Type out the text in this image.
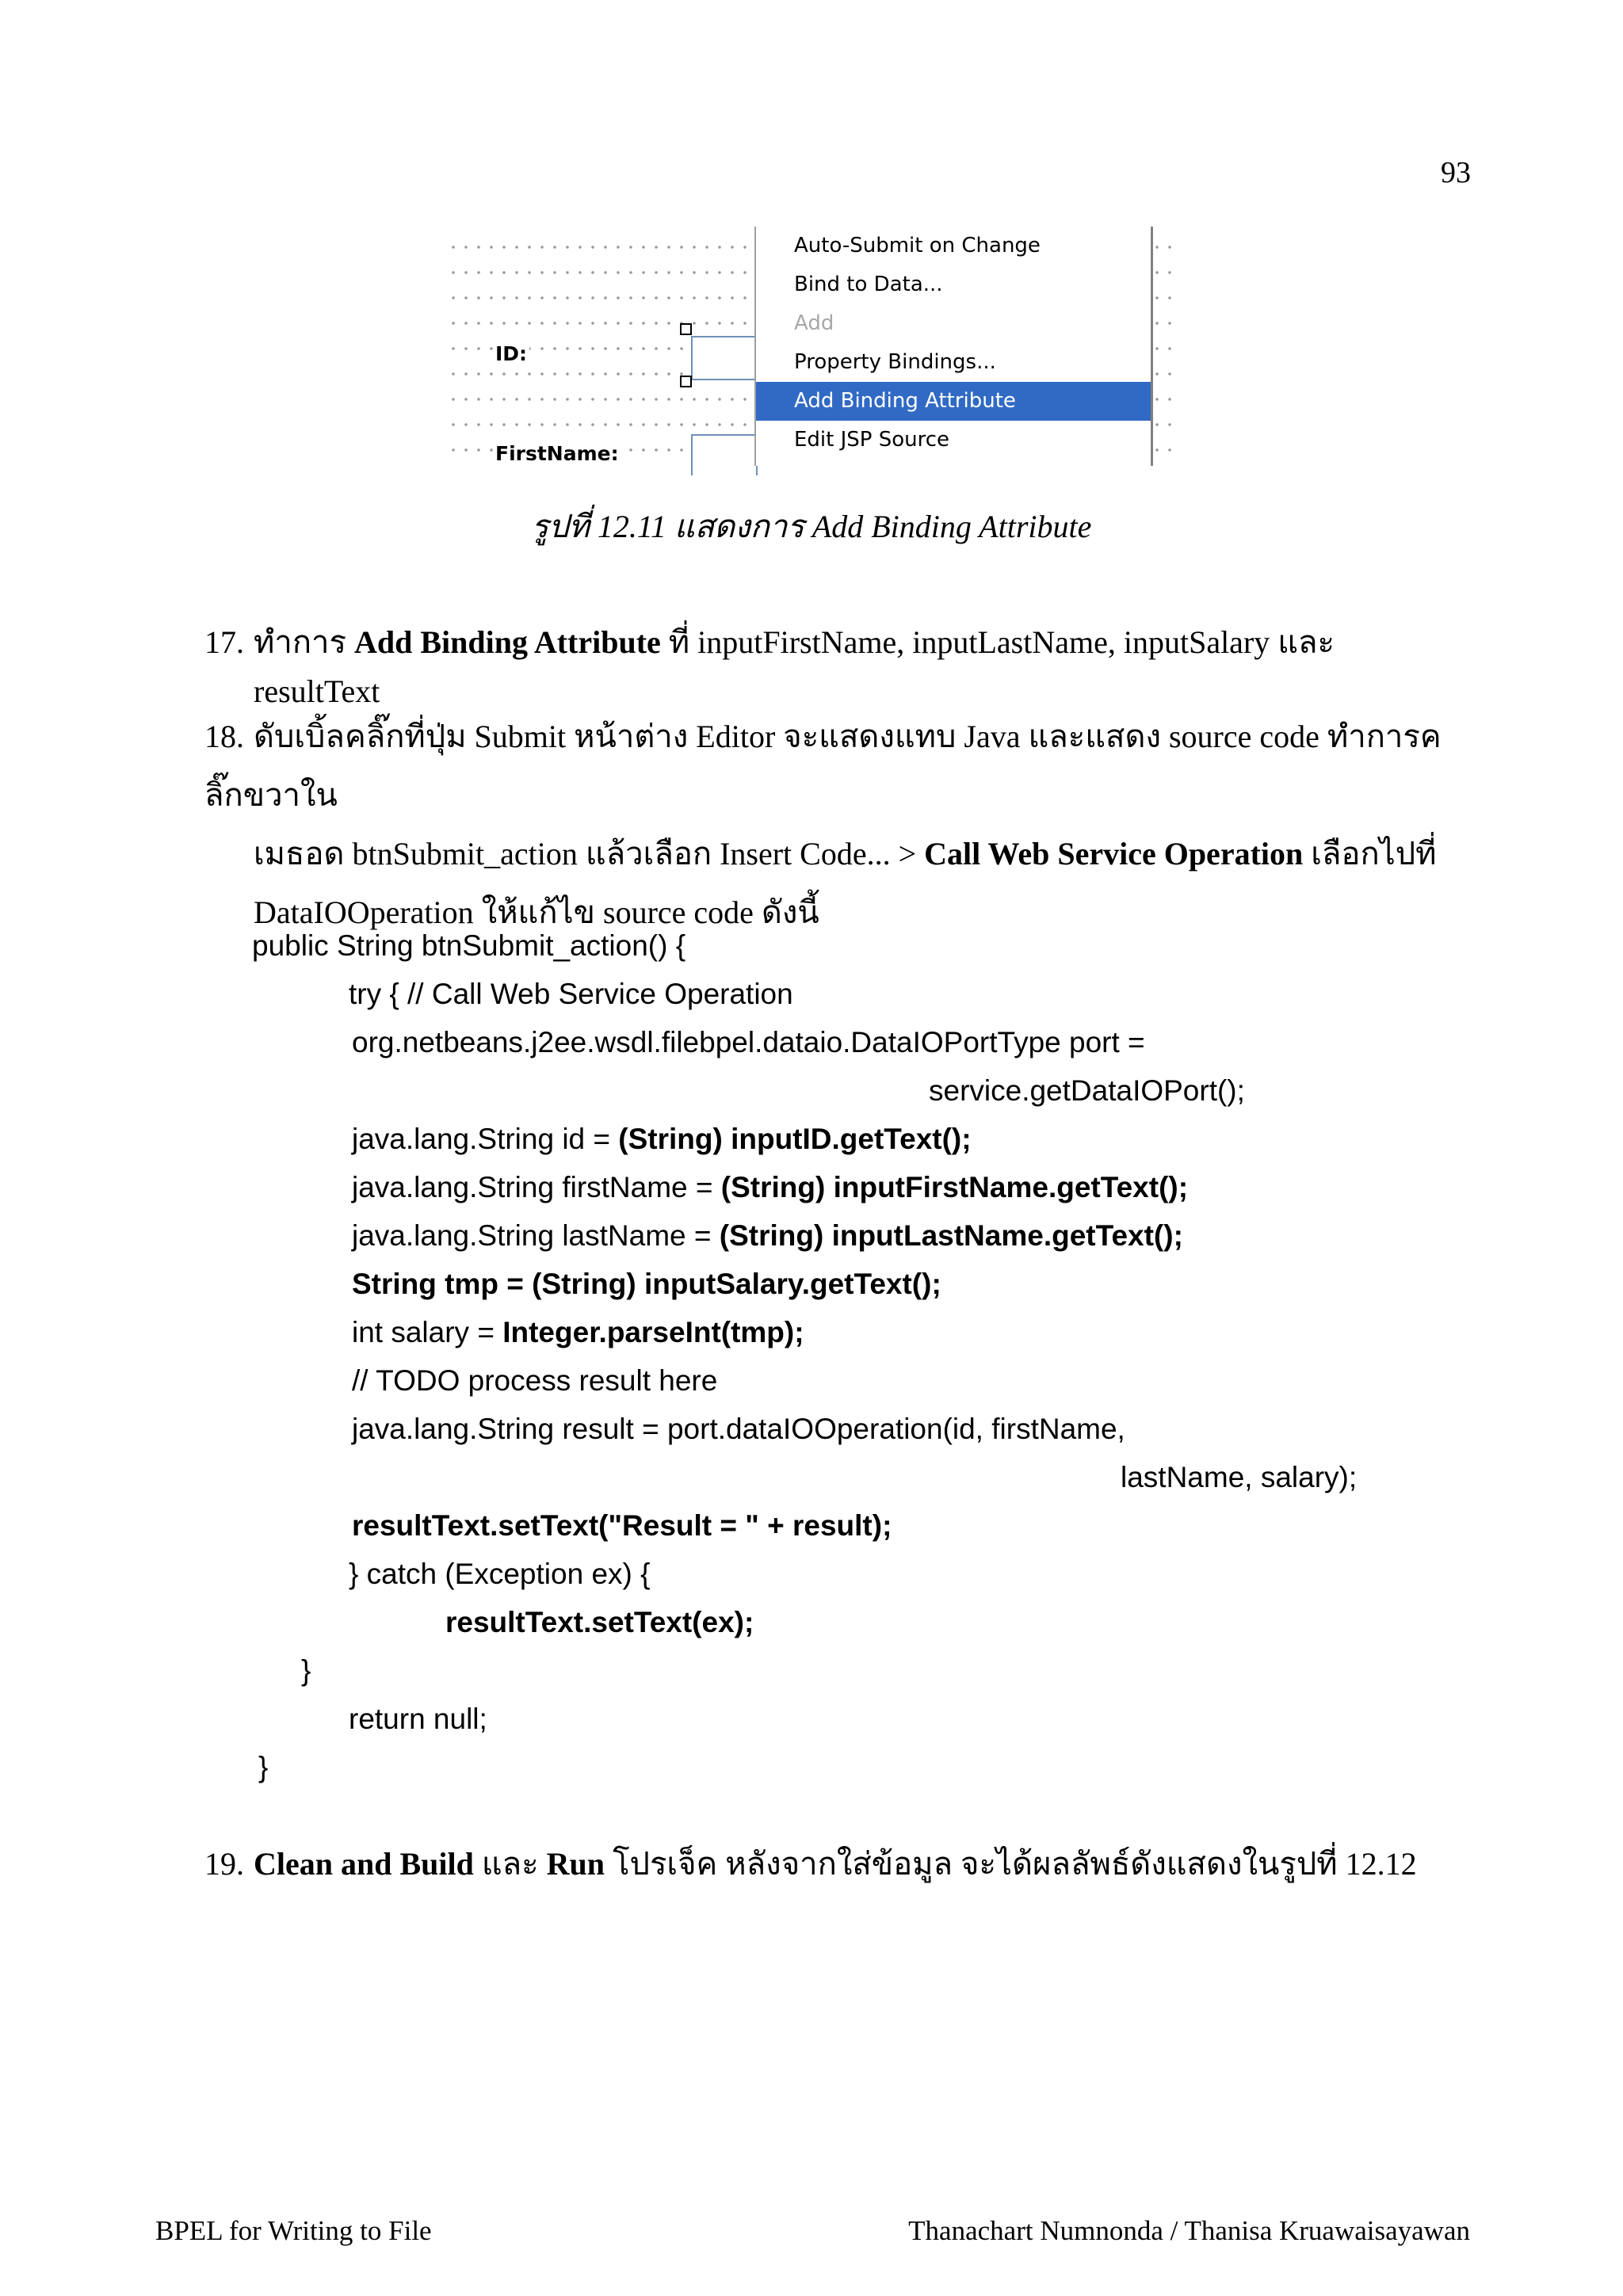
93
ID:
FirstName:
Auto-Submit on Change
Bind to Data...
Add
Property Bindings...
Add Binding Attribute
Edit JSP Source
รูปที่ 12.11 แสดงการ Add Binding Attribute
17. ทำการ Add Binding Attribute ที่ inputFirstName, inputLastName, inputSalary และ
resultText
18. ดับเบิ้ลคลิ๊กที่ปุ่ม Submit หน้าต่าง Editor จะแสดงแทบ Java และแสดง source code ทำการคลิ๊กขวาใน
เมธอด btnSubmit_action แล้วเลือก Insert Code... > Call Web Service Operation เลือกไปที่
DataIOOperation ให้แก้ไข source code ดังนี้
public String btnSubmit_action() {
try { // Call Web Service Operation
org.netbeans.j2ee.wsdl.filebpel.dataio.DataIOPortType port =
service.getDataIOPort();
java.lang.String id = (String) inputID.getText();
java.lang.String firstName = (String) inputFirstName.getText();
java.lang.String lastName = (String) inputLastName.getText();
String tmp = (String) inputSalary.getText();
int salary = Integer.parseInt(tmp);
// TODO process result here
java.lang.String result = port.dataIOOperation(id, firstName,
lastName, salary);
resultText.setText("Result = " + result);
} catch (Exception ex) {
resultText.setText(ex);
}
return null;
}
19. Clean and Build และ Run โปรเจ็ค หลังจากใส่ข้อมูล จะได้ผลลัพธ์ดังแสดงในรูปที่ 12.12
BPEL for Writing to File	Thanachart Numnonda / Thanisa Kruawaisayawan
